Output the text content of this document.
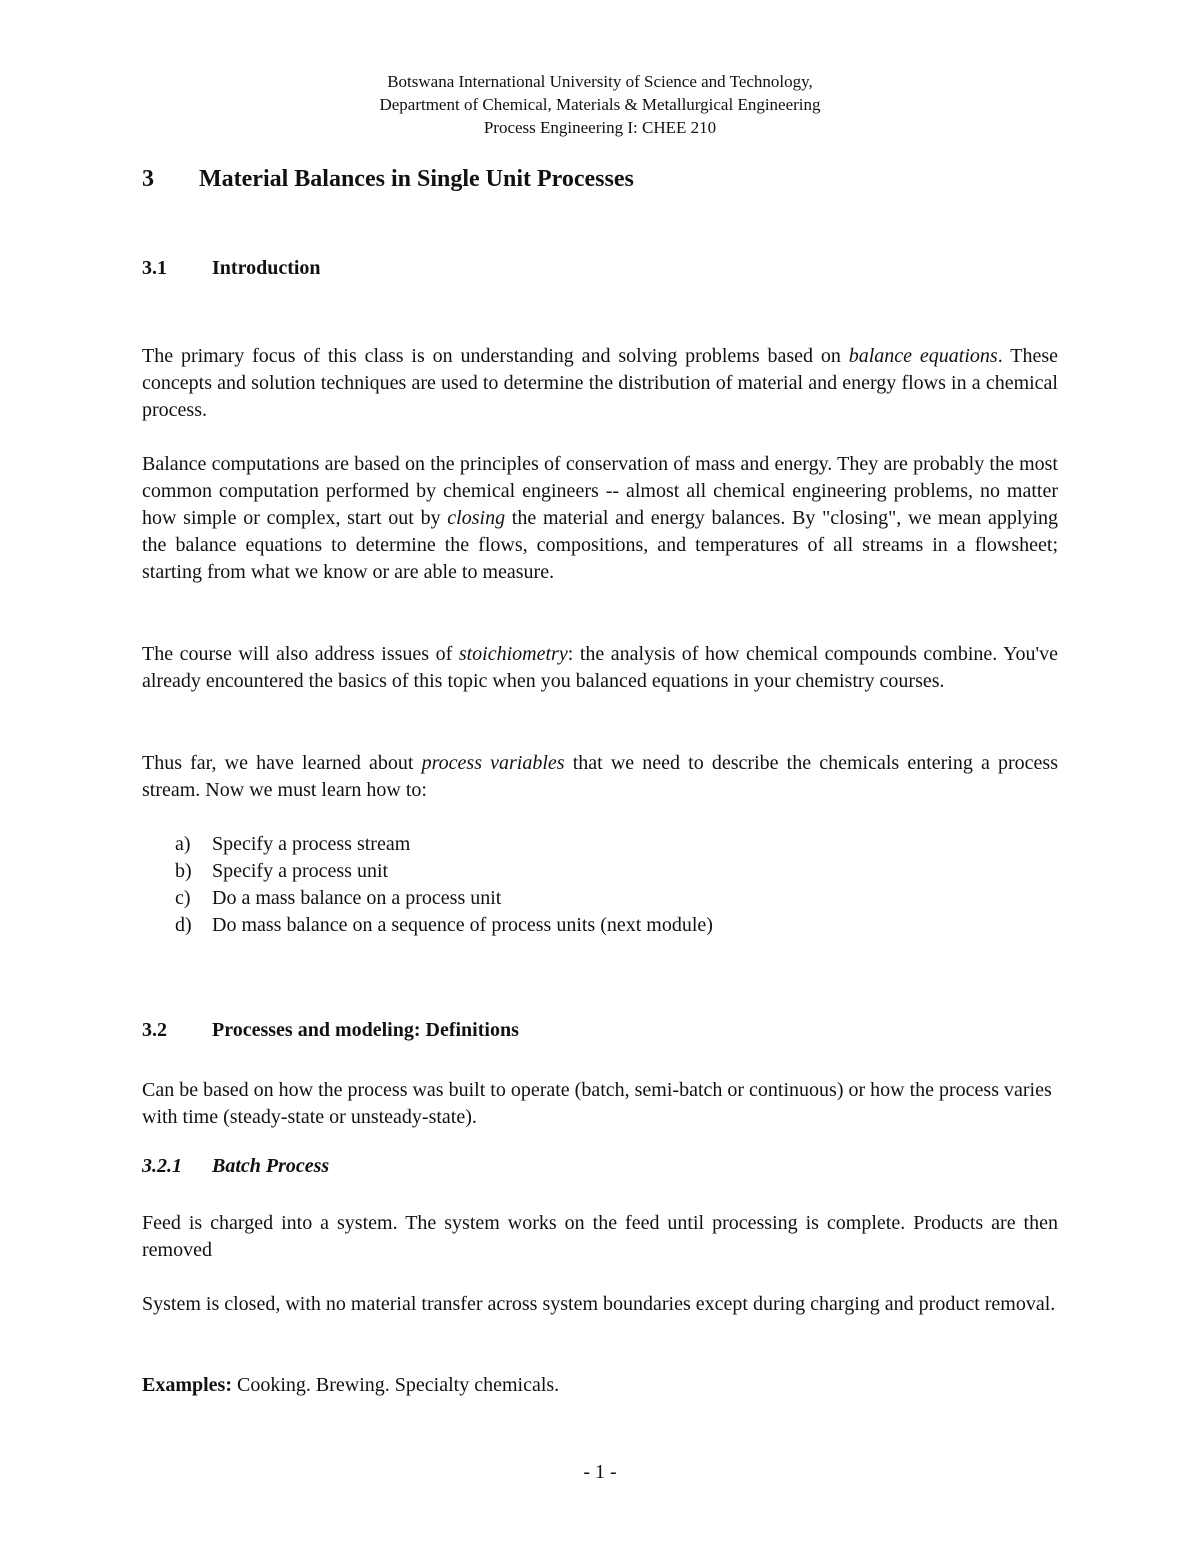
Botswana International University of Science and Technology,
Department of Chemical, Materials & Metallurgical Engineering
Process Engineering I: CHEE 210
3 Material Balances in Single Unit Processes
3.1 Introduction

The primary focus of this class is on understanding and solving problems based on balance equations. These concepts and solution techniques are used to determine the distribution of material and energy flows in a chemical process.

Balance computations are based on the principles of conservation of mass and energy. They are probably the most common computation performed by chemical engineers -- almost all chemical engineering problems, no matter how simple or complex, start out by closing the material and energy balances. By "closing", we mean applying the balance equations to determine the flows, compositions, and temperatures of all streams in a flowsheet; starting from what we know or are able to measure.

The course will also address issues of stoichiometry: the analysis of how chemical compounds combine. You've already encountered the basics of this topic when you balanced equations in your chemistry courses.

Thus far, we have learned about process variables that we need to describe the chemicals entering a process stream. Now we must learn how to:

a) Specify a process stream
b) Specify a process unit
c) Do a mass balance on a process unit
d) Do mass balance on a sequence of process units (next module)
3.2 Processes and modeling: Definitions

Can be based on how the process was built to operate (batch, semi-batch or continuous) or how the process varies with time (steady-state or unsteady-state).

3.2.1 Batch Process

Feed is charged into a system. The system works on the feed until processing is complete. Products are then removed

System is closed, with no material transfer across system boundaries except during charging and product removal.

Examples: Cooking. Brewing. Specialty chemicals.

- 1 -
